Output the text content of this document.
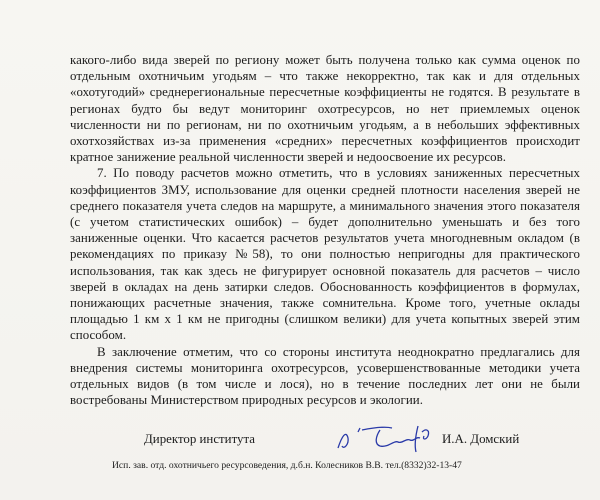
какого-либо вида зверей по региону может быть получена только как сумма оценок по отдельным охотничьим угодьям – что также некорректно, так как и для отдельных «охотугодий» среднерегиональные пересчетные коэффициенты не годятся. В результате в регионах будто бы ведут мониторинг охотресурсов, но нет приемлемых оценок численности ни по регионам, ни по охотничьим угодьям, а в небольших эффективных охотхозяйствах из-за применения «средних» пересчетных коэффициентов происходит кратное занижение реальной численности зверей и недоосвоение их ресурсов.

7. По поводу расчетов можно отметить, что в условиях заниженных пересчетных коэффициентов ЗМУ, использование для оценки средней плотности населения зверей не среднего показателя учета следов на маршруте, а минимального значения этого показателя (с учетом статистических ошибок) – будет дополнительно уменьшать и без того заниженные оценки. Что касается расчетов результатов учета многодневным окладом (в рекомендациях по приказу №58), то они полностью непригодны для практического использования, так как здесь не фигурирует основной показатель для расчетов – число зверей в окладах на день затирки следов. Обоснованность коэффициентов в формулах, понижающих расчетные значения, также сомнительна. Кроме того, учетные оклады площадью 1 км х 1 км не пригодны (слишком велики) для учета копытных зверей этим способом.

В заключение отметим, что со стороны института неоднократно предлагались для внедрения системы мониторинга охотресурсов, усовершенствованные методики учета отдельных видов (в том числе и лося), но в течение последних лет они не были востребованы Министерством природных ресурсов и экологии.

Директор института	И.А. Домский
Исп. зав. отд. охотничьего ресурсоведения, д.б.н. Колесников В.В. тел.(8332)32-13-47
